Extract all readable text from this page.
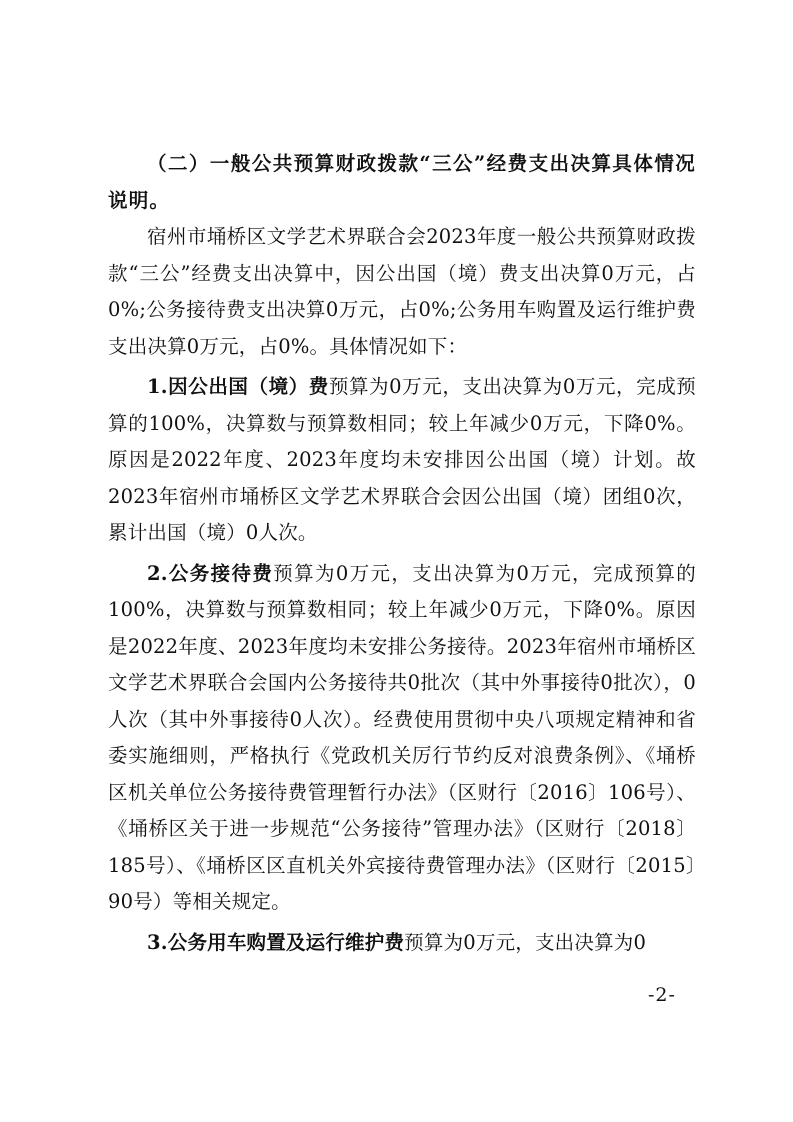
（二）一般公共预算财政拨款“三公”经费支出决算具体情况说明。

宿州市埇桥区文学艺术界联合会2023年度一般公共预算财政拨款“三公”经费支出决算中，因公出国（境）费支出决算0万元，占0%;公务接待费支出决算0万元，占0%;公务用车购置及运行维护费支出决算0万元，占0%。具体情况如下：

1.因公出国（境）费预算为0万元，支出决算为0万元，完成预算的100%，决算数与预算数相同；较上年减少0万元，下降0%。原因是2022年度、2023年度均未安排因公出国（境）计划。故2023年宿州市埇桥区文学艺术界联合会因公出国（境）团组0次，累计出国（境）0人次。

2.公务接待费预算为0万元，支出决算为0万元，完成预算的100%，决算数与预算数相同；较上年减少0万元，下降0%。原因是2022年度、2023年度均未安排公务接待。2023年宿州市埇桥区文学艺术界联合会国内公务接待共0批次（其中外事接待0批次），0人次（其中外事接待0人次）。经费使用贯彻中央八项规定精神和省委实施细则，严格执行《党政机关厉行节约反对浪费条例》、《埇桥区机关单位公务接待费管理暂行办法》（区财行〔2016〕106号）、《埇桥区关于进一步规范“公务接待”管理办法》（区财行〔2018〕185号）、《埇桥区区直机关外宾接待费管理办法》（区财行〔2015〕90号）等相关规定。

3.公务用车购置及运行维护费预算为0万元，支出决算为0

-2-
